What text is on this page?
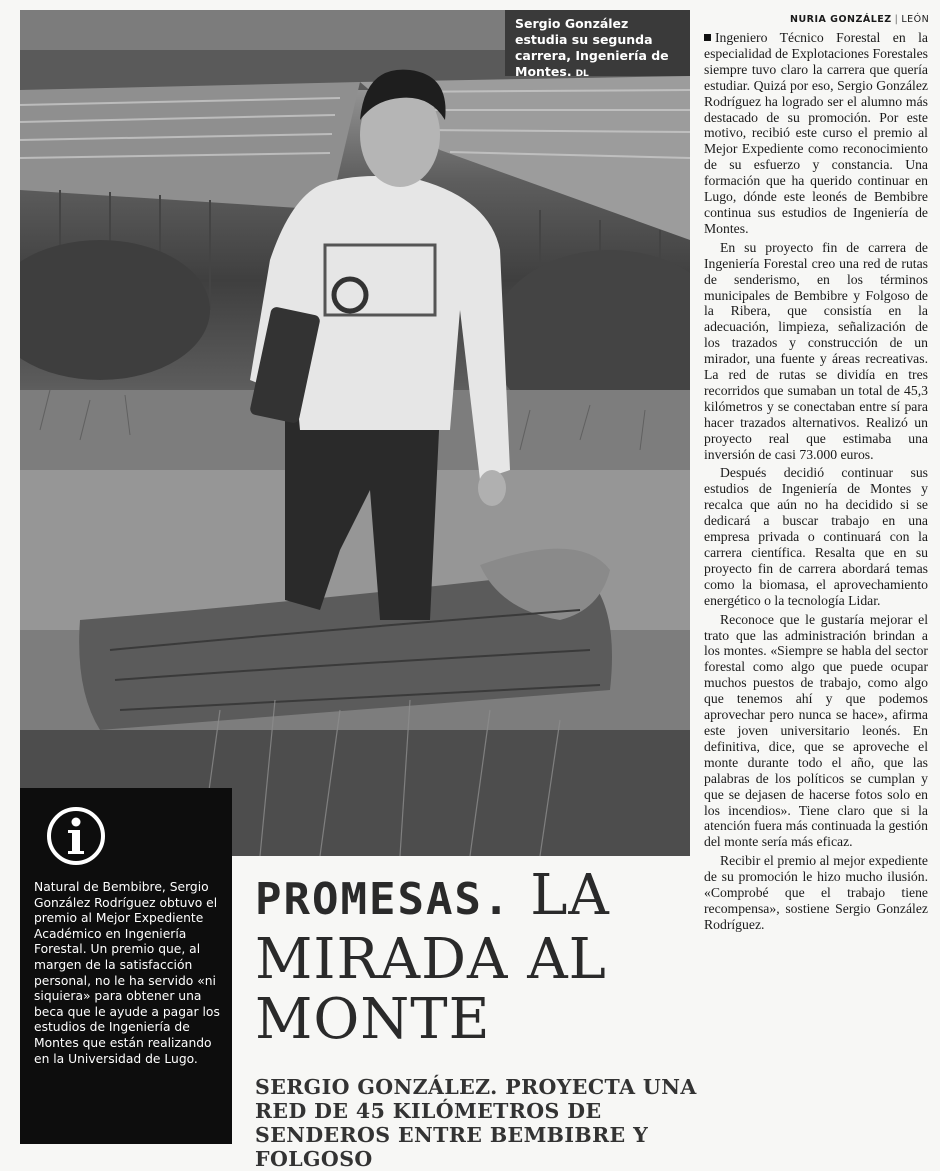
Sergio González estudia su segunda carrera, Ingeniería de Montes. DL

Natural de Bembibre, Sergio González Rodríguez obtuvo el premio al Mejor Expediente Académico en Ingeniería Forestal. Un premio que, al margen de la satisfacción personal, no le ha servido «ni siquiera» para obtener una beca que le ayude a pagar los estudios de Ingeniería de Montes que están realizando en la Universidad de Lugo.

PROMESAS. LA MIRADA AL MONTE
SERGIO GONZÁLEZ. PROYECTA UNA RED DE 45 KILÓMETROS DE SENDEROS ENTRE BEMBIBRE Y FOLGOSO
NURIA GONZÁLEZ | LEÓN

Ingeniero Técnico Forestal en la especialidad de Explotaciones Forestales siempre tuvo claro la carrera que quería estudiar. Quizá por eso, Sergio González Rodríguez ha logrado ser el alumno más destacado de su promoción. Por este motivo, recibió este curso el premio al Mejor Expediente como reconocimiento de su esfuerzo y constancia. Una formación que ha querido continuar en Lugo, dónde este leonés de Bembibre continua sus estudios de Ingeniería de Montes.

En su proyecto fin de carrera de Ingeniería Forestal creo una red de rutas de senderismo, en los términos municipales de Bembibre y Folgoso de la Ribera, que consistía en la adecuación, limpieza, señalización de los trazados y construcción de un mirador, una fuente y áreas recreativas. La red de rutas se dividía en tres recorridos que sumaban un total de 45,3 kilómetros y se conectaban entre sí para hacer trazados alternativos. Realizó un proyecto real que estimaba una inversión de casi 73.000 euros.

Después decidió continuar sus estudios de Ingeniería de Montes y recalca que aún no ha decidido si se dedicará a buscar trabajo en una empresa privada o continuará con la carrera científica. Resalta que en su proyecto fin de carrera abordará temas como la biomasa, el aprovechamiento energético o la tecnología Lidar.

Reconoce que le gustaría mejorar el trato que las administración brindan a los montes. «Siempre se habla del sector forestal como algo que puede ocupar muchos puestos de trabajo, como algo que tenemos ahí y que podemos aprovechar pero nunca se hace», afirma este joven universitario leonés. En definitiva, dice, que se aproveche el monte durante todo el año, que las palabras de los políticos se cumplan y que se dejasen de hacerse fotos solo en los incendios». Tiene claro que si la atención fuera más continuada la gestión del monte sería más eficaz.

Recibir el premio al mejor expediente de su promoción le hizo mucho ilusión. «Comprobé que el trabajo tiene recompensa», sostiene Sergio González Rodríguez.
